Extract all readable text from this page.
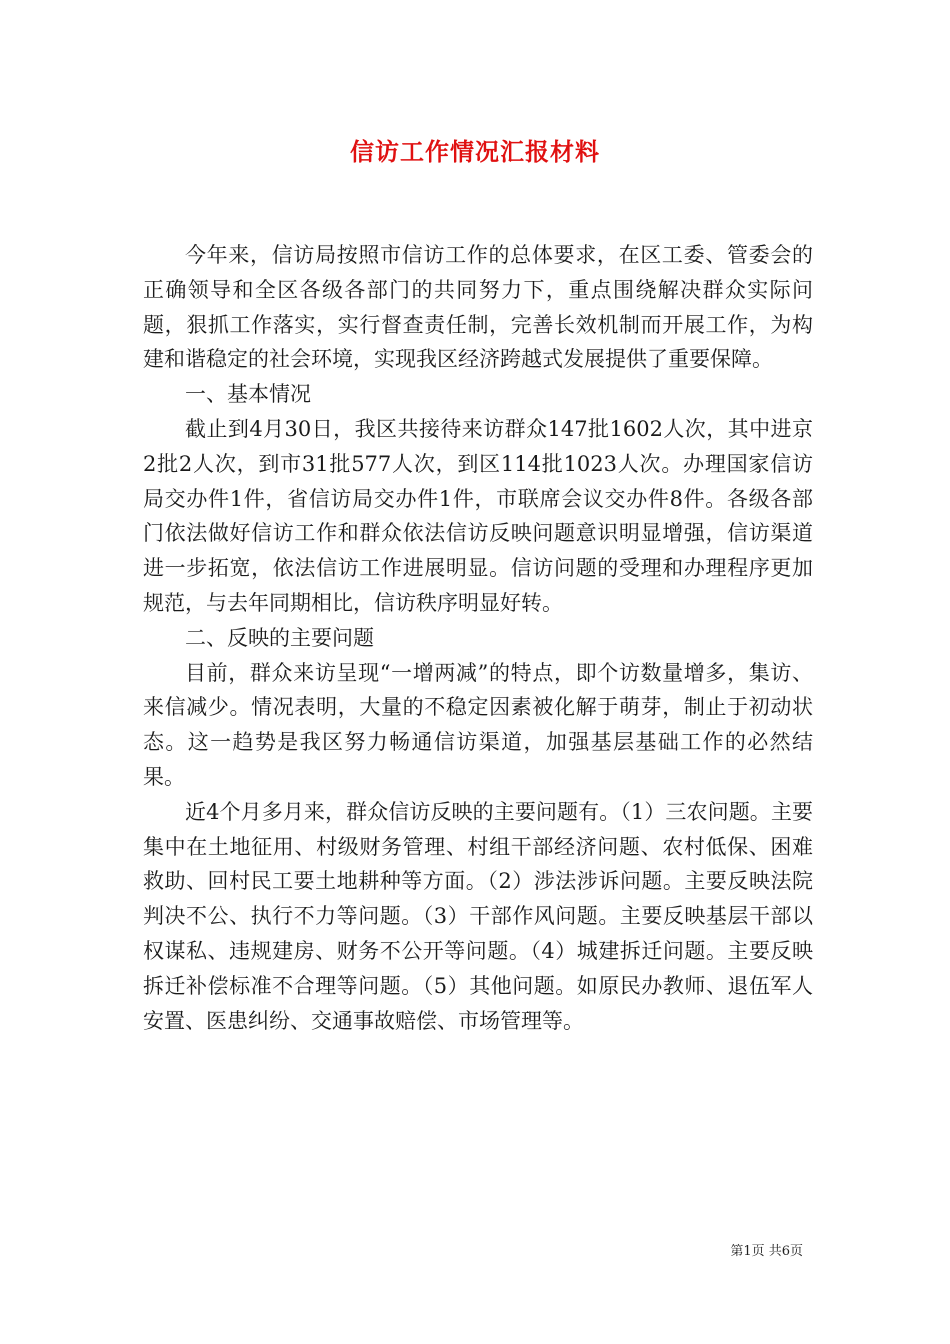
信访工作情况汇报材料

今年来，信访局按照市信访工作的总体要求，在区工委、管委会的正确领导和全区各级各部门的共同努力下，重点围绕解决群众实际问题，狠抓工作落实，实行督查责任制，完善长效机制而开展工作，为构建和谐稳定的社会环境，实现我区经济跨越式发展提供了重要保障。

一、基本情况

截止到4月30日，我区共接待来访群众147批1602人次，其中进京2批2人次，到市31批577人次，到区114批1023人次。办理国家信访局交办件1件，省信访局交办件1件，市联席会议交办件8件。各级各部门依法做好信访工作和群众依法信访反映问题意识明显增强，信访渠道进一步拓宽，依法信访工作进展明显。信访问题的受理和办理程序更加规范，与去年同期相比，信访秩序明显好转。

二、反映的主要问题

目前，群众来访呈现“一增两减”的特点，即个访数量增多，集访、来信减少。情况表明，大量的不稳定因素被化解于萌芽，制止于初动状态。这一趋势是我区努力畅通信访渠道，加强基层基础工作的必然结果。

近4个月多月来，群众信访反映的主要问题有。（1）三农问题。主要集中在土地征用、村级财务管理、村组干部经济问题、农村低保、困难救助、回村民工要土地耕种等方面。（2）涉法涉诉问题。主要反映法院判决不公、执行不力等问题。（3）干部作风问题。主要反映基层干部以权谋私、违规建房、财务不公开等问题。（4）城建拆迁问题。主要反映拆迁补偿标准不合理等问题。（5）其他问题。如原民办教师、退伍军人安置、医患纠纷、交通事故赔偿、市场管理等。

第1页 共6页
